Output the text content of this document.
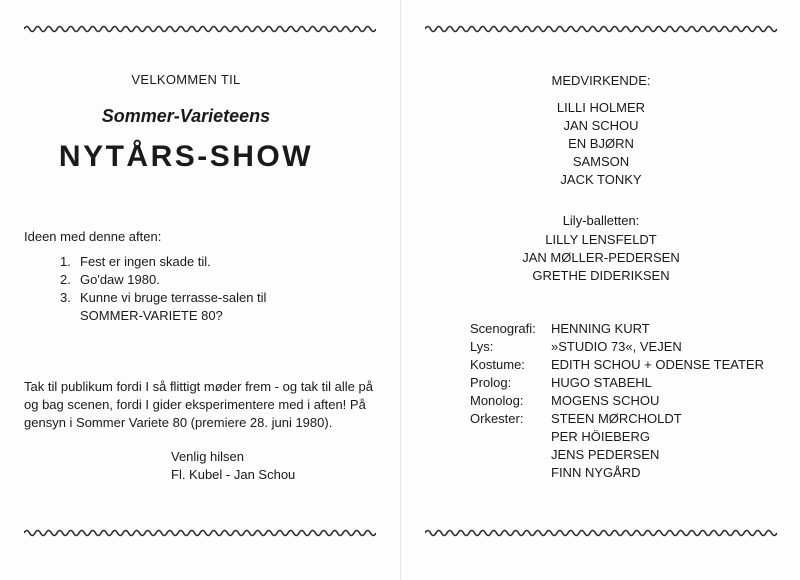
VELKOMMEN TIL

Sommer-Varieteens

NYTÅRS-SHOW

Ideen med denne aften:

1. Fest er ingen skade til.
2. Go'daw 1980.
3. Kunne vi bruge terrasse-salen til
SOMMER-VARIETE 80?

Tak til publikum fordi I så flittigt møder frem - og tak til alle på og bag scenen, fordi I gider eksperimentere med i aften! På gensyn i Sommer Variete 80 (premiere 28. juni 1980).

Venlig hilsen

Fl. Kubel - Jan Schou

MEDVIRKENDE:

LILLI HOLMER
JAN SCHOU
EN BJØRN
SAMSON
JACK TONKY

Lily-balletten:

LILLY LENSFELDT
JAN MØLLER-PEDERSEN
GRETHE DIDERIKSEN
Scenografi:	HENNING KURT
Lys:	»STUDIO 73«, VEJEN
Kostume:	EDITH SCHOU + ODENSE TEATER
Prolog:	HUGO STABEHL
Monolog:	MOGENS SCHOU
Orkester:	STEEN MØRCHOLDT
PER HÖIEBERG
JENS PEDERSEN
FINN NYGÅRD
